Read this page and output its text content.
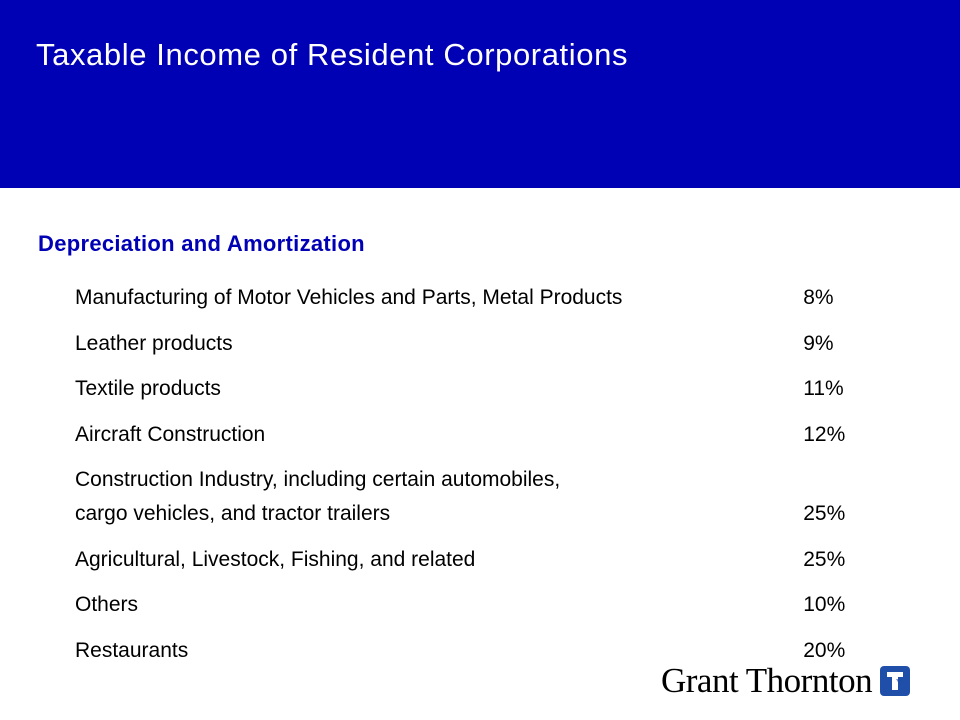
Taxable Income of Resident Corporations
Depreciation and Amortization
Manufacturing of Motor Vehicles and Parts, Metal Products	8%
Leather products	9%
Textile products	11%
Aircraft Construction	12%
Construction Industry, including certain automobiles,
cargo vehicles, and tractor trailers	25%
Agricultural, Livestock, Fishing, and related	25%
Others	10%
Restaurants	20%
Grant Thornton
